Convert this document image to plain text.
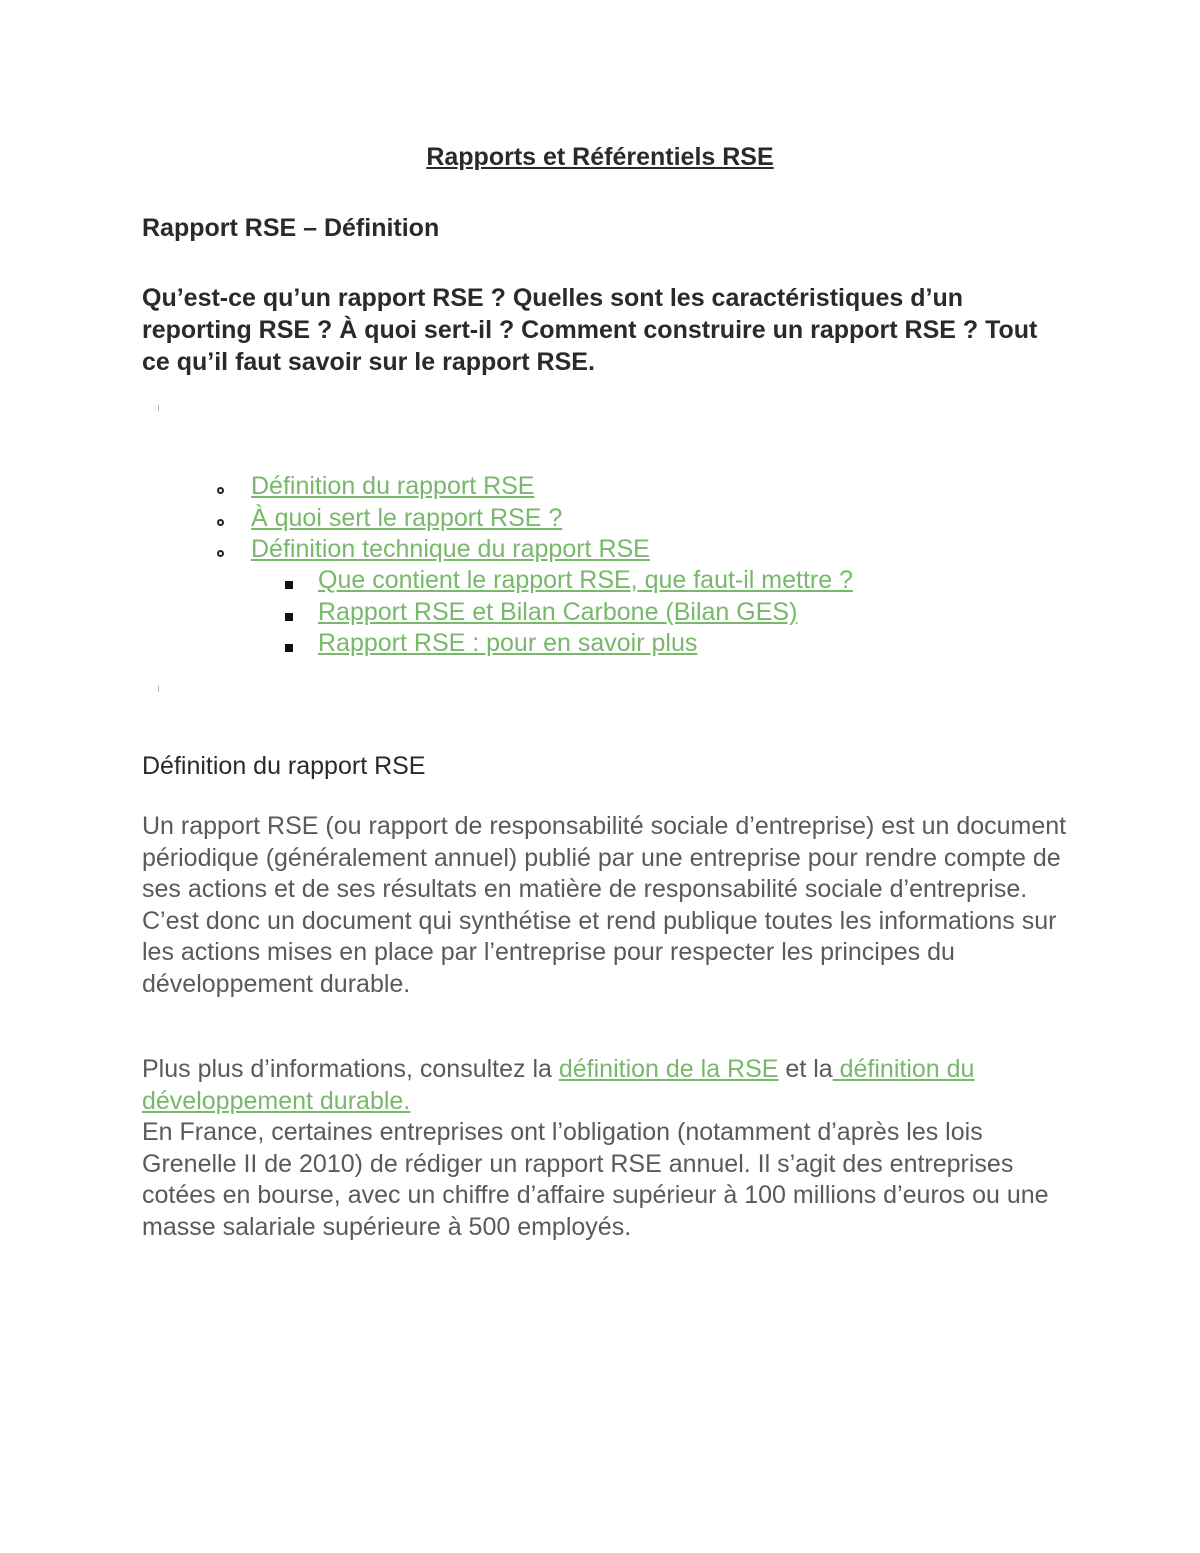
Rapports et Référentiels RSE
Rapport RSE – Définition
Qu’est-ce qu’un rapport RSE ? Quelles sont les caractéristiques d’un reporting RSE ? À quoi sert-il ? Comment construire un rapport RSE ? Tout ce qu’il faut savoir sur le rapport RSE.
Définition du rapport RSE
À quoi sert le rapport RSE ?
Définition technique du rapport RSE
Que contient le rapport RSE, que faut-il mettre ?
Rapport RSE et Bilan Carbone (Bilan GES)
Rapport RSE : pour en savoir plus
Définition du rapport RSE
Un rapport RSE (ou rapport de responsabilité sociale d’entreprise) est un document périodique (généralement annuel) publié par une entreprise pour rendre compte de ses actions et de ses résultats en matière de responsabilité sociale d’entreprise. C’est donc un document qui synthétise et rend publique toutes les informations sur les actions mises en place par l’entreprise pour respecter les principes du développement durable.
Plus plus d’informations, consultez la définition de la RSE et la définition du développement durable.
En France, certaines entreprises ont l’obligation (notamment d’après les lois Grenelle II de 2010) de rédiger un rapport RSE annuel. Il s’agit des entreprises cotées en bourse, avec un chiffre d’affaire supérieur à 100 millions d’euros ou une masse salariale supérieure à 500 employés.
